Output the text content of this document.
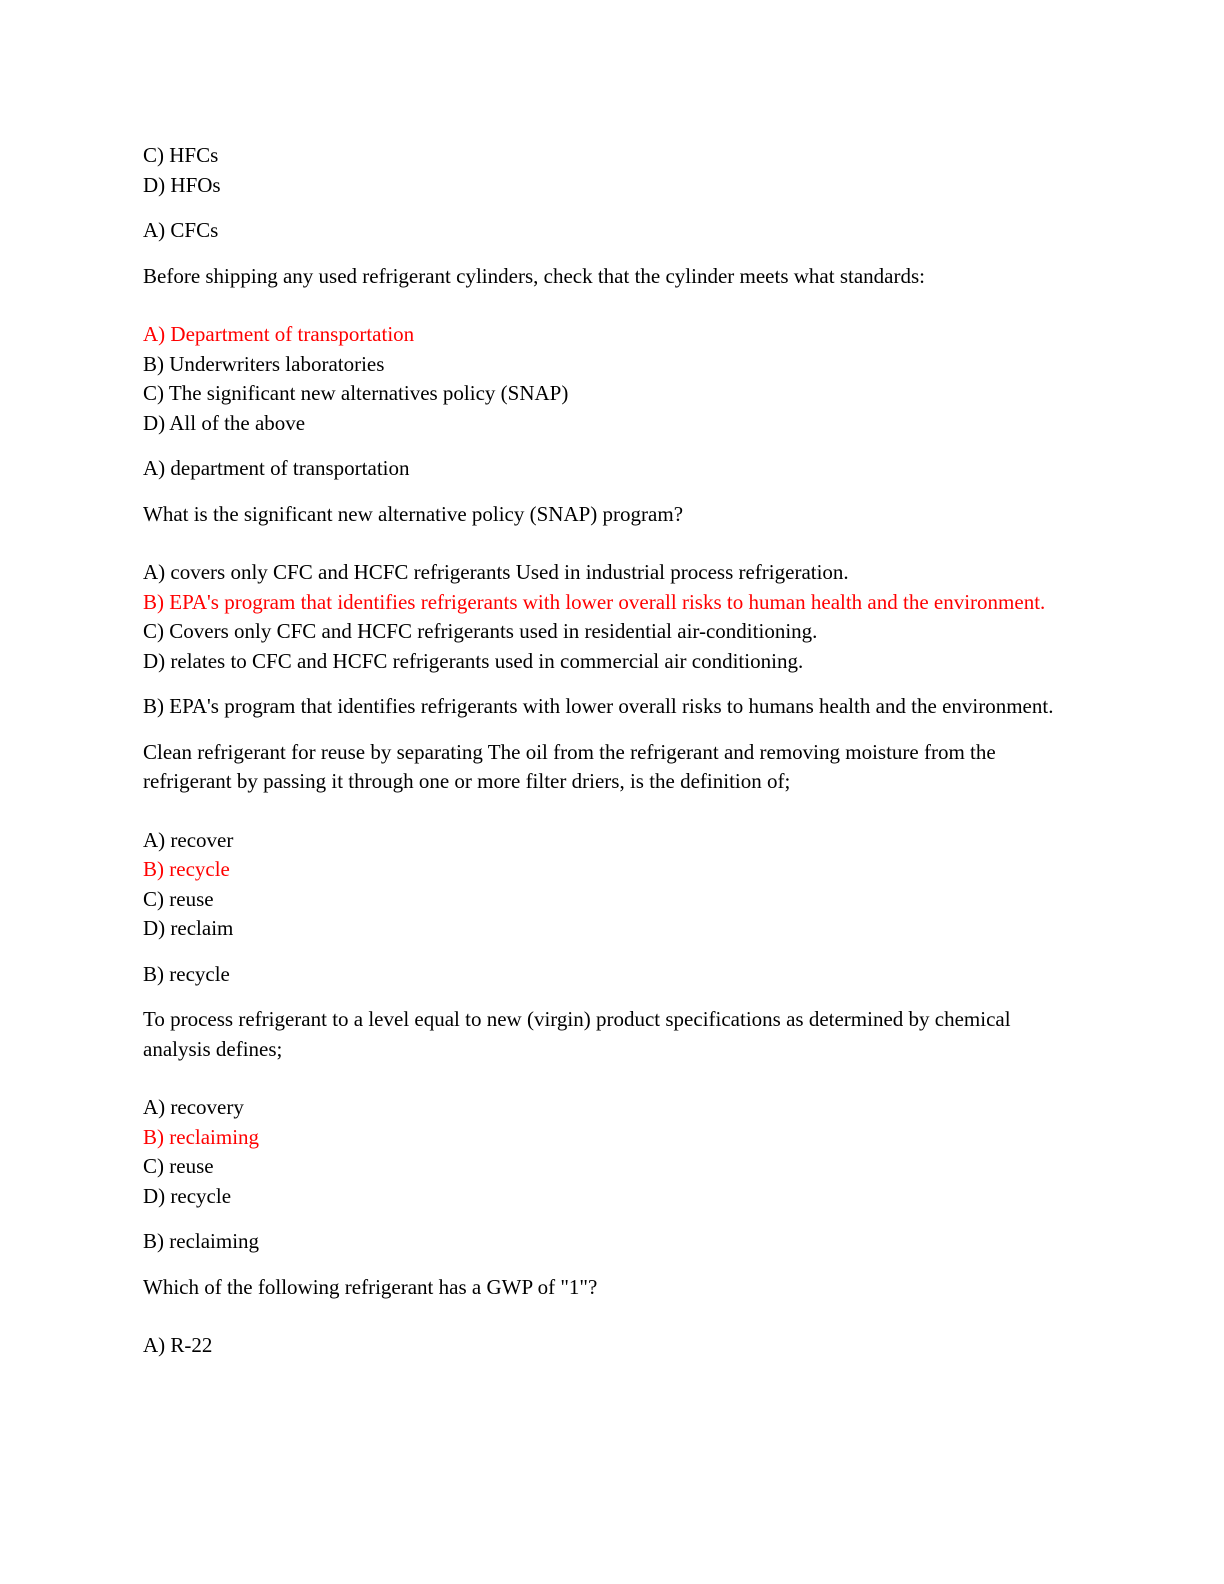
C) HFCs

D) HFOs

A) CFCs

Before shipping any used refrigerant cylinders, check that the cylinder meets what standards:

A) Department of transportation

B) Underwriters laboratories

C) The significant new alternatives policy (SNAP)

D) All of the above

A) department of transportation

What is the significant new alternative policy (SNAP) program?

A) covers only CFC and HCFC refrigerants Used in industrial process refrigeration.

B) EPA's program that identifies refrigerants with lower overall risks to human health and the environment.

C) Covers only CFC and HCFC refrigerants used in residential air-conditioning.

D) relates to CFC and HCFC refrigerants used in commercial air conditioning.

B) EPA's program that identifies refrigerants with lower overall risks to humans health and the environment.

Clean refrigerant for reuse by separating The oil from the refrigerant and removing moisture from the refrigerant by passing it through one or more filter driers, is the definition of;

A) recover

B) recycle

C) reuse

D) reclaim

B) recycle

To process refrigerant to a level equal to new (virgin) product specifications as determined by chemical analysis defines;

A) recovery

B) reclaiming

C) reuse

D) recycle

B) reclaiming

Which of the following refrigerant has a GWP of "1"?

A) R-22
